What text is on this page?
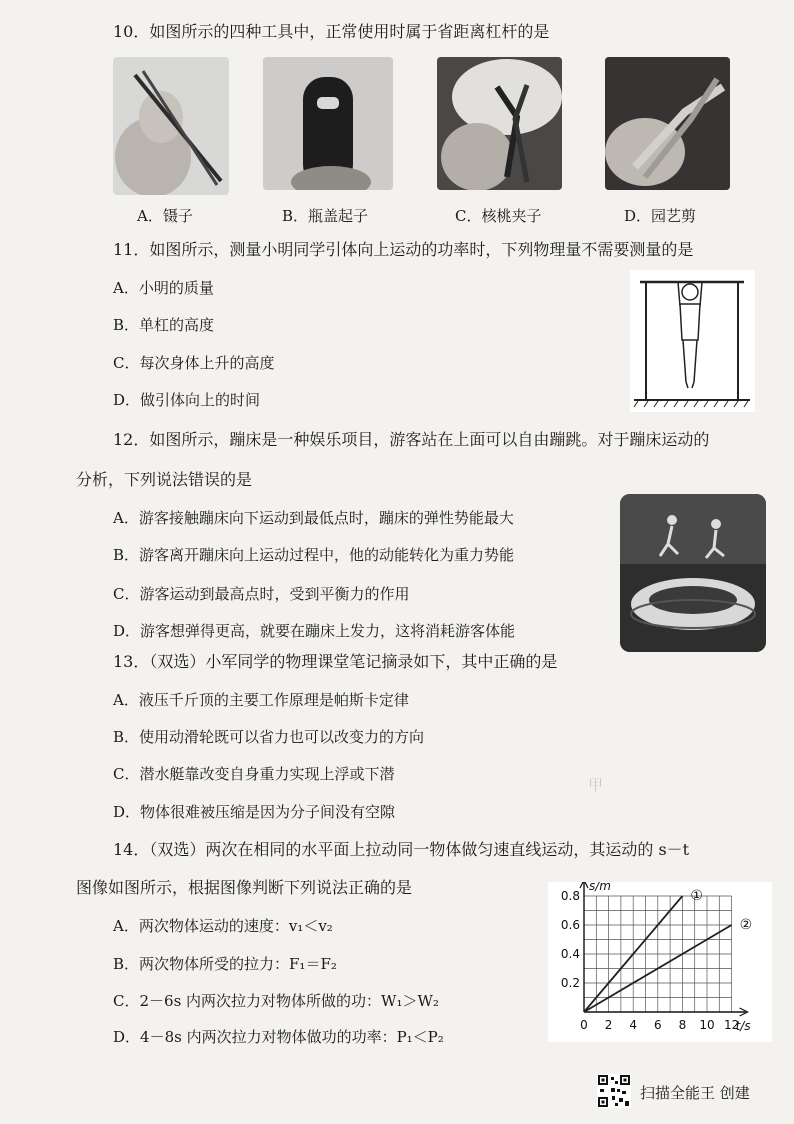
甲
10．如图所示的四种工具中，正常使用时属于省距离杠杆的是
A．镊子	B．瓶盖起子	C．核桃夹子	D．园艺剪
11．如图所示，测量小明同学引体向上运动的功率时，下列物理量不需要测量的是
A．小明的质量
B．单杠的高度
C．每次身体上升的高度
D．做引体向上的时间
12．如图所示，蹦床是一种娱乐项目，游客站在上面可以自由蹦跳。对于蹦床运动的
分析，下列说法错误的是
A．游客接触蹦床向下运动到最低点时，蹦床的弹性势能最大
B．游客离开蹦床向上运动过程中，他的动能转化为重力势能
C．游客运动到最高点时，受到平衡力的作用
D．游客想弹得更高，就要在蹦床上发力，这将消耗游客体能
13．（双选）小军同学的物理课堂笔记摘录如下，其中正确的是
A．液压千斤顶的主要工作原理是帕斯卡定律
B．使用动滑轮既可以省力也可以改变力的方向
C．潜水艇靠改变自身重力实现上浮或下潜
D．物体很难被压缩是因为分子间没有空隙
14．（双选）两次在相同的水平面上拉动同一物体做匀速直线运动，其运动的 s－t
图像如图所示，根据图像判断下列说法正确的是
A．两次物体运动的速度：v₁＜v₂
B．两次物体所受的拉力：F₁＝F₂
C．2－6s 内两次拉力对物体所做的功：W₁＞W₂
D．4－8s 内两次拉力对物体做功的功率：P₁＜P₂
s/m
t/s
0 2 4 6 8 10 12
0.2
0.4
0.6
0.8	①
②
扫描全能王 创建
